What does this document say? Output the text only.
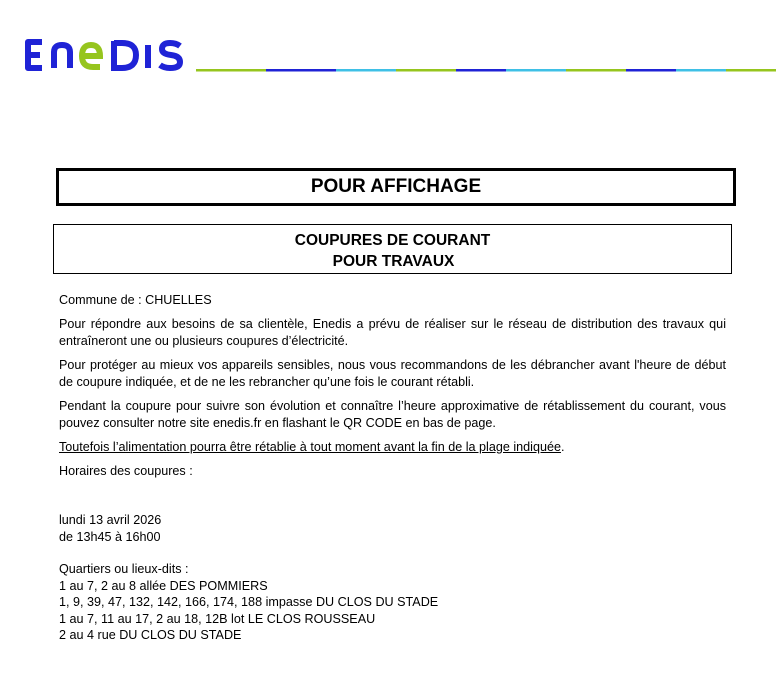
POUR AFFICHAGE
COUPURES DE COURANT
POUR TRAVAUX
Commune de : CHUELLES
Pour répondre aux besoins de sa clientèle, Enedis a prévu de réaliser sur le réseau de distribution des travaux qui entraîneront une ou plusieurs coupures d’électricité.
Pour protéger au mieux vos appareils sensibles, nous vous recommandons de les débrancher avant l'heure de début de coupure indiquée, et de ne les rebrancher qu’une fois le courant rétabli.
Pendant la coupure pour suivre son évolution et connaître l’heure approximative de rétablissement du courant, vous pouvez consulter notre site enedis.fr en flashant le QR CODE en bas de page.
Toutefois l’alimentation pourra être rétablie à tout moment avant la fin de la plage indiquée.
Horaires des coupures :
lundi 13 avril 2026
de 13h45 à 16h00
Quartiers ou lieux-dits :
1 au 7, 2 au 8 allée DES POMMIERS
1, 9, 39, 47, 132, 142, 166, 174, 188 impasse DU CLOS DU STADE
1 au 7, 11 au 17, 2 au 18, 12B lot LE CLOS ROUSSEAU
2 au 4 rue DU CLOS DU STADE
